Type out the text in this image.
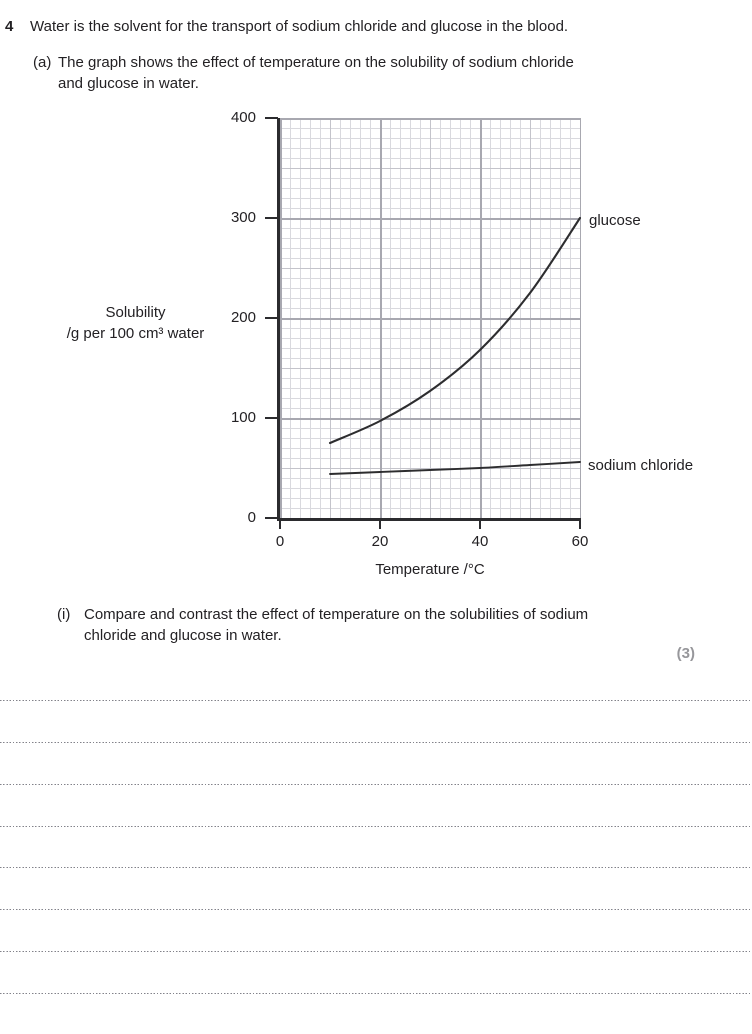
4 Water is the solvent for the transport of sodium chloride and glucose in the blood.
(a) The graph shows the effect of temperature on the solubility of sodium chloride
and glucose in water.
400
300
200
100
0
0	20	40	60
Solubility
/g per 100 cm³ water
Temperature /°C
glucose
sodium chloride
(i) Compare and contrast the effect of temperature on the solubilities of sodium
chloride and glucose in water.
(3)
